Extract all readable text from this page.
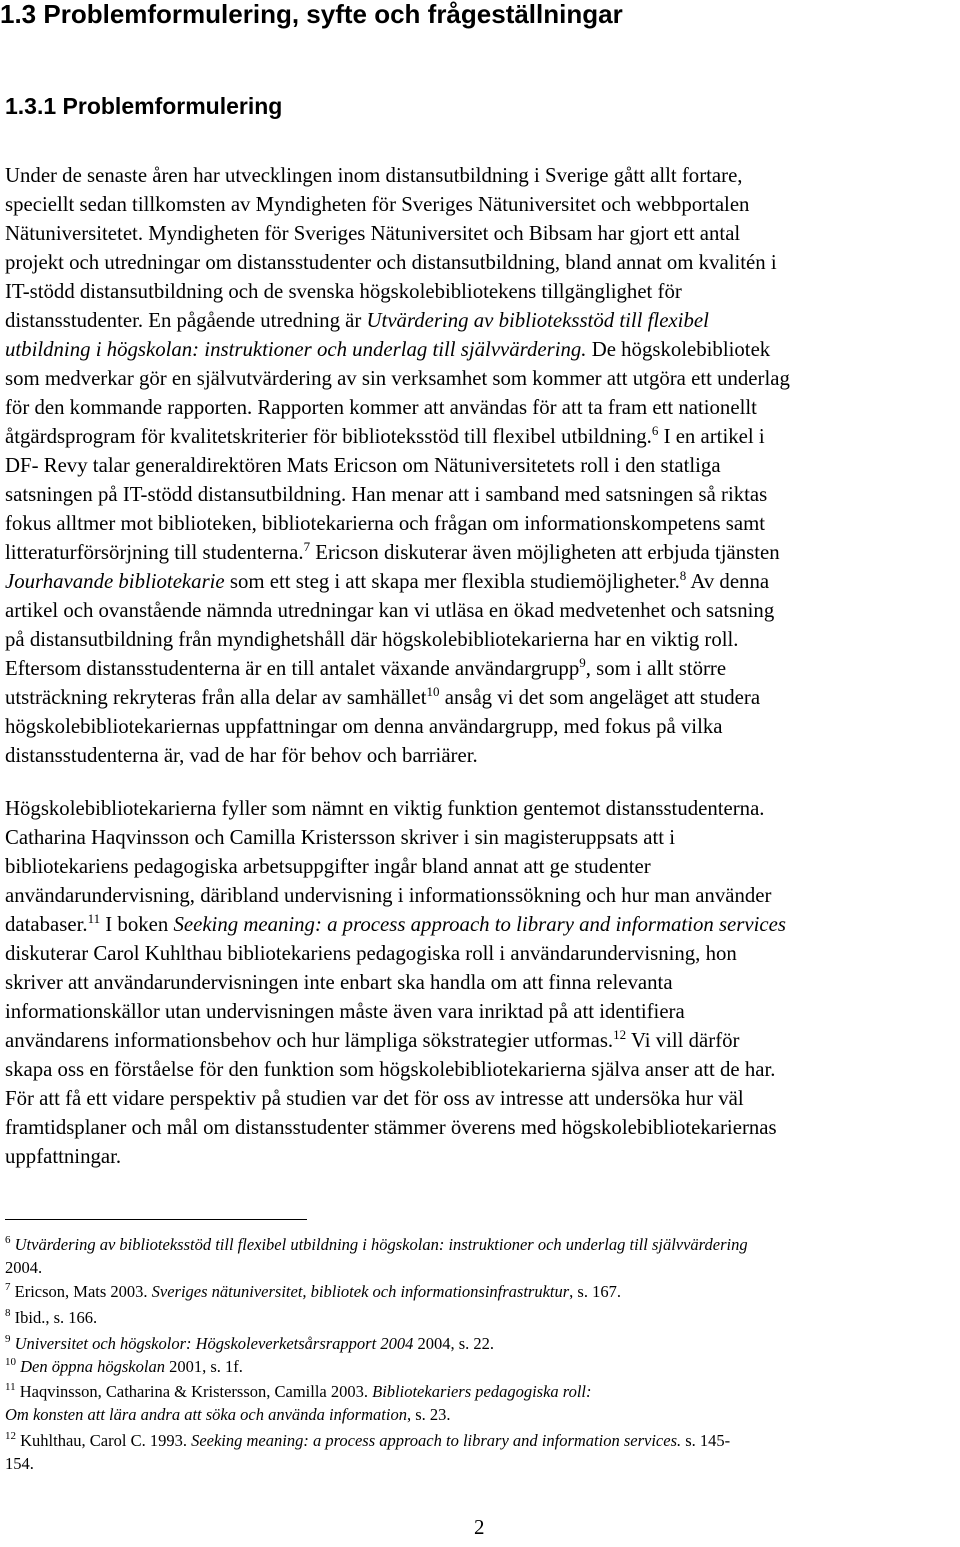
1.3 Problemformulering, syfte och frågeställningar
1.3.1 Problemformulering
Under de senaste åren har utvecklingen inom distansutbildning i Sverige gått allt fortare,
speciellt sedan tillkomsten av Myndigheten för Sveriges Nätuniversitet och webbportalen
Nätuniversitetet. Myndigheten för Sveriges Nätuniversitet och Bibsam har gjort ett antal
projekt och utredningar om distansstudenter och distansutbildning, bland annat om kvalitén i
IT-stödd distansutbildning och de svenska högskolebibliotekens tillgänglighet för
distansstudenter. En pågående utredning är Utvärdering av biblioteksstöd till flexibel
utbildning i högskolan: instruktioner och underlag till självvärdering. De högskolebibliotek
som medverkar gör en självutvärdering av sin verksamhet som kommer att utgöra ett underlag
för den kommande rapporten. Rapporten kommer att användas för att ta fram ett nationellt
åtgärdsprogram för kvalitetskriterier för biblioteksstöd till flexibel utbildning.$^6$ I en artikel i
DF- Revy talar generaldirektören Mats Ericson om Nätuniversitetets roll i den statliga
satsningen på IT-stödd distansutbildning. Han menar att i samband med satsningen så riktas
fokus alltmer mot biblioteken, bibliotekarierna och frågan om informationskompetens samt
litteraturförsörjning till studenterna.$^7$ Ericson diskuterar även möjligheten att erbjuda tjänsten
Jourhavande bibliotekarie som ett steg i att skapa mer flexibla studiemöjligheter.$^8$ Av denna
artikel och ovanstående nämnda utredningar kan vi utläsa en ökad medvetenhet och satsning
på distansutbildning från myndighetshåll där högskolebibliotekarierna har en viktig roll.
Eftersom distansstudenterna är en till antalet växande användargrupp$^9$, som i allt större
utsträckning rekryteras från alla delar av samhället$^{10}$ ansåg vi det som angeläget att studera
högskolebibliotekariernas uppfattningar om denna användargrupp, med fokus på vilka
distansstudenterna är, vad de har för behov och barriärer.
Högskolebibliotekarierna fyller som nämnt en viktig funktion gentemot distansstudenterna.
Catharina Haqvinsson och Camilla Kristersson skriver i sin magisteruppsats att i
bibliotekariens pedagogiska arbetsuppgifter ingår bland annat att ge studenter
användarundervisning, däribland undervisning i informationssökning och hur man använder
databaser.$^{11}$ I boken Seeking meaning: a process approach to library and information services
diskuterar Carol Kuhlthau bibliotekariens pedagogiska roll i användarundervisning, hon
skriver att användarundervisningen inte enbart ska handla om att finna relevanta
informationskällor utan undervisningen måste även vara inriktad på att identifiera
användarens informationsbehov och hur lämpliga sökstrategier utformas.$^{12}$ Vi vill därför
skapa oss en förståelse för den funktion som högskolebibliotekarierna själva anser att de har.
För att få ett vidare perspektiv på studien var det för oss av intresse att undersöka hur väl
framtidsplaner och mål om distansstudenter stämmer överens med högskolebibliotekariernas
uppfattningar.
$^6$ Utvärdering av biblioteksstöd till flexibel utbildning i högskolan: instruktioner och underlag till självvärdering
2004.
$^7$ Ericson, Mats 2003. Sveriges nätuniversitet, bibliotek och informationsinfrastruktur, s. 167.
$^8$ Ibid., s. 166.
$^9$ Universitet och högskolor: Högskoleverketsårsrapport 2004 2004, s. 22.
$^{10}$ Den öppna högskolan 2001, s. 1f.
$^{11}$ Haqvinsson, Catharina & Kristersson, Camilla 2003. Bibliotekariers pedagogiska roll:
Om konsten att lära andra att söka och använda information, s. 23.
$^{12}$ Kuhlthau, Carol C. 1993. Seeking meaning: a process approach to library and information services. s. 145-
154.
2
